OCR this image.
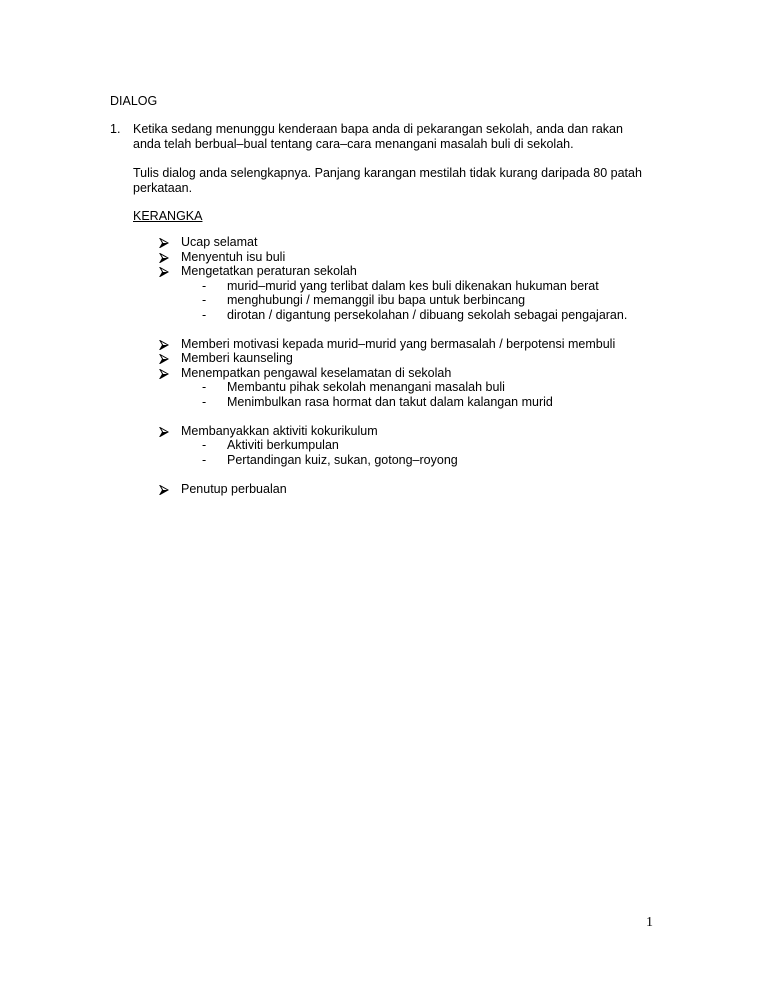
DIALOG
1. Ketika sedang menunggu kenderaan bapa anda di pekarangan sekolah, anda dan rakan
anda telah berbual–bual tentang cara–cara menangani masalah buli di sekolah.
Tulis dialog anda selengkapnya. Panjang karangan mestilah tidak kurang daripada 80 patah
perkataan.
KERANGKA
Ucap selamat
Menyentuh isu buli
Mengetatkan peraturan sekolah
- murid–murid yang terlibat dalam kes buli dikenakan hukuman berat
- menghubungi / memanggil ibu bapa untuk berbincang
- dirotan / digantung persekolahan / dibuang sekolah sebagai pengajaran.
Memberi motivasi kepada murid–murid yang bermasalah / berpotensi membuli
Memberi kaunseling
Menempatkan pengawal keselamatan di sekolah
- Membantu pihak sekolah menangani masalah buli
- Menimbulkan rasa hormat dan takut dalam kalangan murid
Membanyakkan aktiviti kokurikulum
- Aktiviti berkumpulan
- Pertandingan kuiz, sukan, gotong–royong
Penutup perbualan
1
